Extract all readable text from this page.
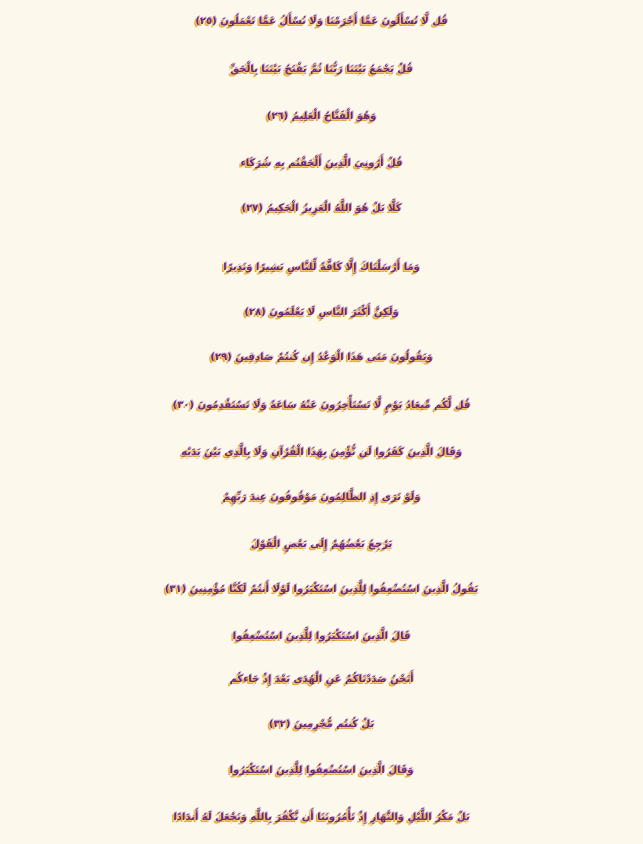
قُل لَّا تُسْأَلُونَ عَمَّا أَجْرَمْنَا وَلَا نُسْأَلُ عَمَّا تَعْمَلُونَ (٢٥)
قُلْ يَجْمَعُ بَيْنَنَا رَبُّنَا ثُمَّ يَفْتَحُ بَيْنَنَا بِالْحَقِّ
وَهُوَ الْفَتَّاحُ الْعَلِيمُ (٢٦)
قُلْ أَرُونِيَ الَّذِينَ أَلْحَقْتُم بِهِ شُرَكَاء
كَلَّا بَلْ هُوَ اللَّهُ الْعَزِيزُ الْحَكِيمُ (٢٧)
وَمَا أَرْسَلْنَاكَ إِلَّا كَافَّةً لِّلنَّاسِ بَشِيرًا وَنَذِيرًا
وَلَكِنَّ أَكْثَرَ النَّاسِ لَا يَعْلَمُونَ (٢٨)
وَيَقُولُونَ مَتَى هَذَا الْوَعْدُ إِن كُنتُمْ صَادِقِينَ (٢٩)
قُل لَّكُم مِّيعَادُ يَوْمٍ لَّا تَسْتَأْخِرُونَ عَنْهُ سَاعَةً وَلَا تَسْتَقْدِمُونَ (٣٠)
وَقَالَ الَّذِينَ كَفَرُوا لَن نُّؤْمِنَ بِهَذَا الْقُرْآنِ وَلَا بِالَّذِي بَيْنَ يَدَيْهِ
وَلَوْ تَرَى إِذِ الظَّالِمُونَ مَوْقُوفُونَ عِندَ رَبِّهِمْ
يَرْجِعُ بَعْضُهُمْ إِلَى بَعْضٍ الْقَوْلَ
يَقُولُ الَّذِينَ اسْتُضْعِفُوا لِلَّذِينَ اسْتَكْبَرُوا لَوْلَا أَنتُمْ لَكُنَّا مُؤْمِنِينَ (٣١)
قَالَ الَّذِينَ اسْتَكْبَرُوا لِلَّذِينَ اسْتُضْعِفُوا
أَنَحْنُ صَدَدْنَاكُمْ عَنِ الْهُدَى بَعْدَ إِذْ جَاءكُم
بَلْ كُنتُم مُّجْرِمِينَ (٣٢)
وَقَالَ الَّذِينَ اسْتُضْعِفُوا لِلَّذِينَ اسْتَكْبَرُوا
بَلْ مَكْرُ اللَّيْلِ وَالنَّهَارِ إِذْ تَأْمُرُونَنَا أَن نَّكْفُرَ بِاللَّهِ وَنَجْعَلَ لَهُ أَندَادًا
